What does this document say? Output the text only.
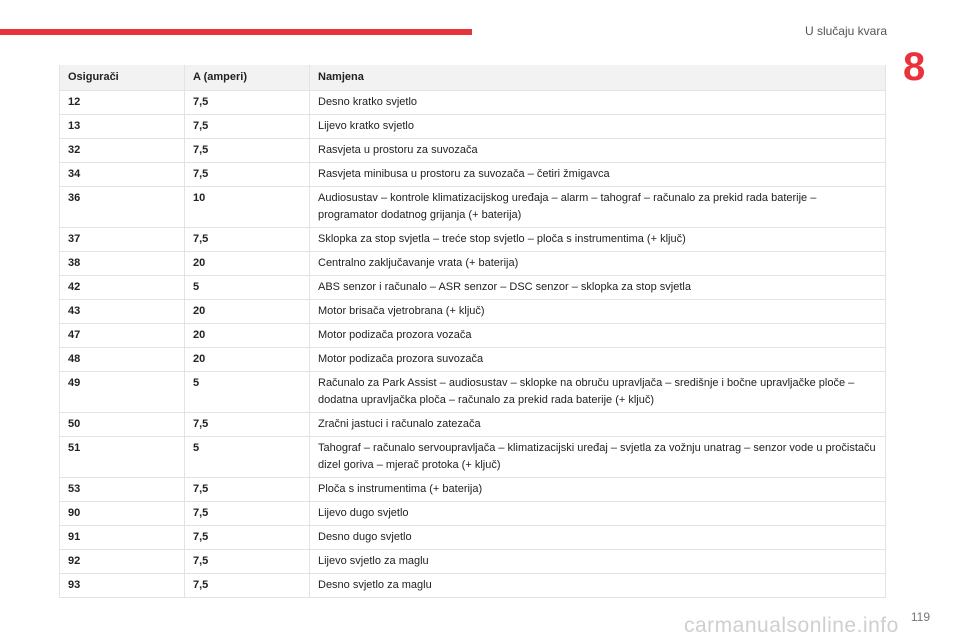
U slučaju kvara
8
Osigurači	A (amperi)	Namjena
12	7,5	Desno kratko svjetlo
13	7,5	Lijevo kratko svjetlo
32	7,5	Rasvjeta u prostoru za suvozača
34	7,5	Rasvjeta minibusa u prostoru za suvozača – četiri žmigavca
36	10	Audiosustav – kontrole klimatizacijskog uređaja – alarm – tahograf – računalo za prekid rada baterije – programator dodatnog grijanja (+ baterija)
37	7,5	Sklopka za stop svjetla – treće stop svjetlo – ploča s instrumentima (+ ključ)
38	20	Centralno zaključavanje vrata (+ baterija)
42	5	ABS senzor i računalo – ASR senzor – DSC senzor – sklopka za stop svjetla
43	20	Motor brisača vjetrobrana (+ ključ)
47	20	Motor podizača prozora vozača
48	20	Motor podizača prozora suvozača
49	5	Računalo za Park Assist – audiosustav – sklopke na obruču upravljača – središnje i bočne upravljačke ploče – dodatna upravljačka ploča – računalo za prekid rada baterije (+ ključ)
50	7,5	Zračni jastuci i računalo zatezača
51	5	Tahograf – računalo servoupravljača – klimatizacijski uređaj – svjetla za vožnju unatrag – senzor vode u pročistaču dizel goriva – mjerač protoka (+ ključ)
53	7,5	Ploča s instrumentima (+ baterija)
90	7,5	Lijevo dugo svjetlo
91	7,5	Desno dugo svjetlo
92	7,5	Lijevo svjetlo za maglu
93	7,5	Desno svjetlo za maglu
119
carmanualsonline.info
